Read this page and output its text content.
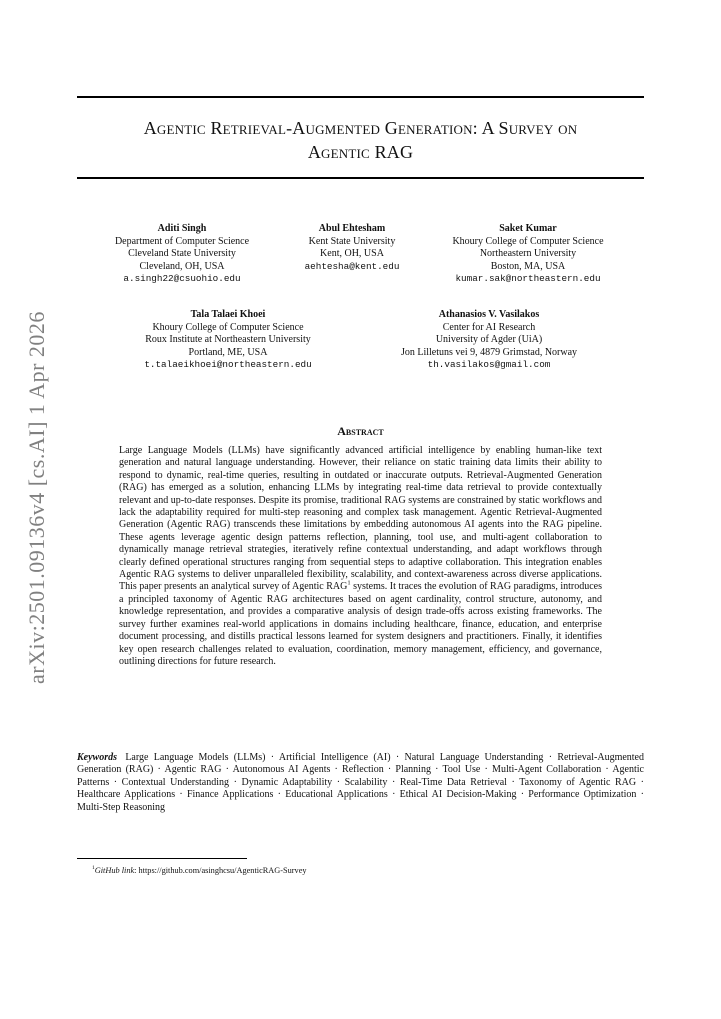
Agentic Retrieval-Augmented Generation: A Survey on
Agentic RAG
Aditi Singh
Department of Computer Science
Cleveland State University
Cleveland, OH, USA
a.singh22@csuohio.edu
Abul Ehtesham
Kent State University
Kent, OH, USA
aehtesha@kent.edu
Saket Kumar
Khoury College of Computer Science
Northeastern University
Boston, MA, USA
kumar.sak@northeastern.edu
Tala Talaei Khoei
Khoury College of Computer Science
Roux Institute at Northeastern University
Portland, ME, USA
t.talaeikhoei@northeastern.edu
Athanasios V. Vasilakos
Center for AI Research
University of Agder (UiA)
Jon Lilletuns vei 9, 4879 Grimstad, Norway
th.vasilakos@gmail.com
arXiv:2501.09136v4 [cs.AI] 1 Apr 2026	Abstract

Large Language Models (LLMs) have significantly advanced artificial intelligence by enabling human-like text generation and natural language understanding. However, their reliance on static training data limits their ability to respond to dynamic, real-time queries, resulting in outdated or inaccurate outputs. Retrieval-Augmented Generation (RAG) has emerged as a solution, enhancing LLMs by integrating real-time data retrieval to provide contextually relevant and up-to-date responses. Despite its promise, traditional RAG systems are constrained by static workflows and lack the adaptability required for multi-step reasoning and complex task management. Agentic Retrieval-Augmented Generation (Agentic RAG) transcends these limitations by embedding autonomous AI agents into the RAG pipeline. These agents leverage agentic design patterns reflection, planning, tool use, and multi-agent collaboration to dynamically manage retrieval strategies, iteratively refine contextual understanding, and adapt workflows through clearly defined operational structures ranging from sequential steps to adaptive collaboration. This integration enables Agentic RAG systems to deliver unparalleled flexibility, scalability, and context-awareness across diverse applications. This paper presents an analytical survey of Agentic RAG$^1$ systems. It traces the evolution of RAG paradigms, introduces a principled taxonomy of Agentic RAG architectures based on agent cardinality, control structure, autonomy, and knowledge representation, and provides a comparative analysis of design trade-offs across existing frameworks. The survey further examines real-world applications in domains including healthcare, finance, education, and enterprise document processing, and distills practical lessons learned for system designers and practitioners. Finally, it identifies key open research challenges related to evaluation, coordination, memory management, efficiency, and governance, outlining directions for future research.

Keywords Large Language Models (LLMs) · Artificial Intelligence (AI) · Natural Language Understanding · Retrieval-Augmented Generation (RAG) · Agentic RAG · Autonomous AI Agents · Reflection · Planning · Tool Use · Multi-Agent Collaboration · Agentic Patterns · Contextual Understanding · Dynamic Adaptability · Scalability · Real-Time Data Retrieval · Taxonomy of Agentic RAG · Healthcare Applications · Finance Applications · Educational Applications · Ethical AI Decision-Making · Performance Optimization · Multi-Step Reasoning

$^1$GitHub link: https://github.com/asinghcsu/AgenticRAG-Survey
